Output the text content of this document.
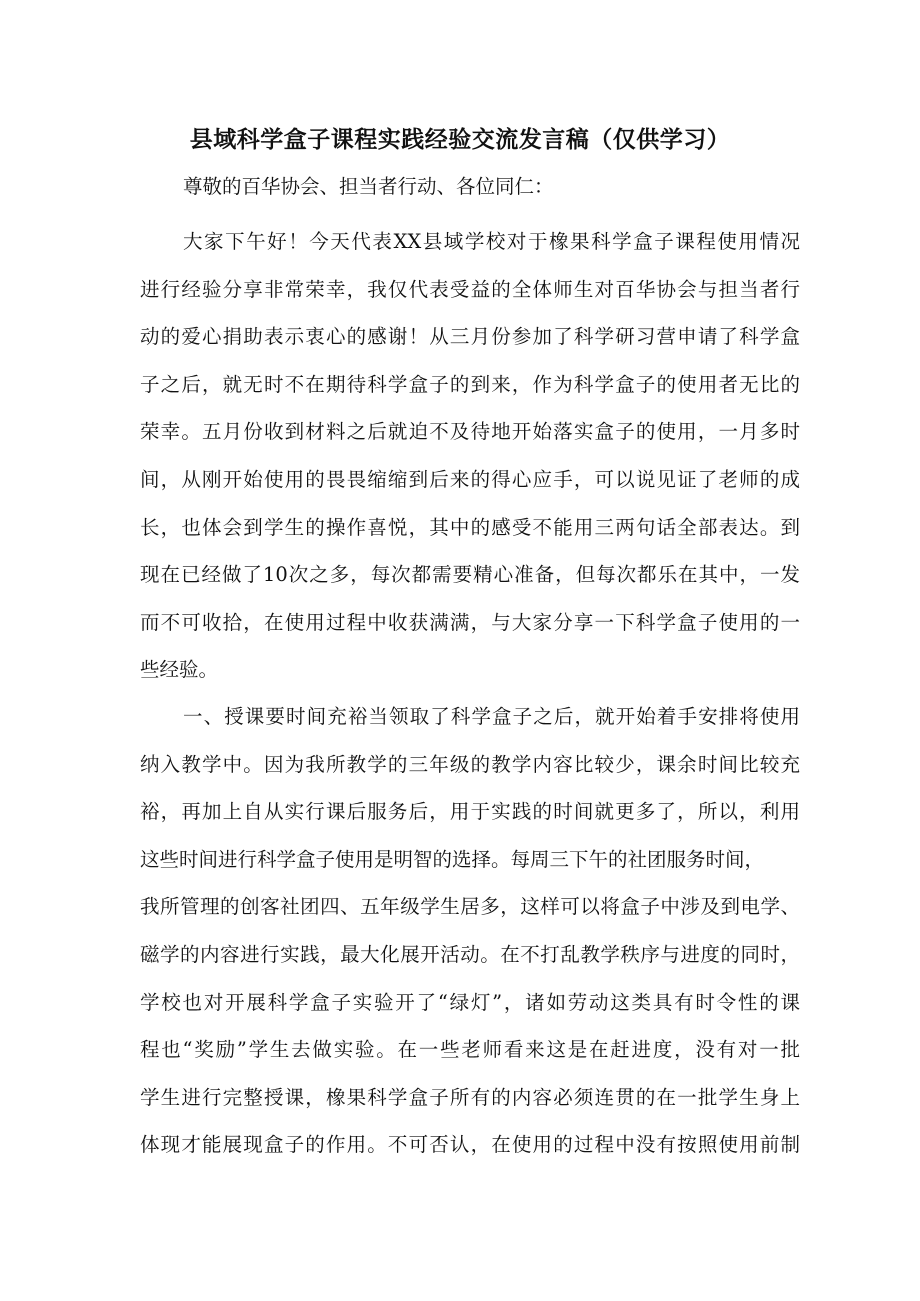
县域科学盒子课程实践经验交流发言稿（仅供学习）
尊敬的百华协会、担当者行动、各位同仁：
大家下午好！今天代表XX县域学校对于橡果科学盒子课程使用情况
进行经验分享非常荣幸，我仅代表受益的全体师生对百华协会与担当者行
动的爱心捐助表示衷心的感谢！从三月份参加了科学研习营申请了科学盒
子之后，就无时不在期待科学盒子的到来，作为科学盒子的使用者无比的
荣幸。五月份收到材料之后就迫不及待地开始落实盒子的使用，一月多时
间，从刚开始使用的畏畏缩缩到后来的得心应手，可以说见证了老师的成
长，也体会到学生的操作喜悦，其中的感受不能用三两句话全部表达。到
现在已经做了10次之多，每次都需要精心准备，但每次都乐在其中，一发
而不可收拾，在使用过程中收获满满，与大家分享一下科学盒子使用的一
些经验。
一、授课要时间充裕当领取了科学盒子之后，就开始着手安排将使用
纳入教学中。因为我所教学的三年级的教学内容比较少，课余时间比较充
裕，再加上自从实行课后服务后，用于实践的时间就更多了，所以，利用
这些时间进行科学盒子使用是明智的选择。每周三下午的社团服务时间，
我所管理的创客社团四、五年级学生居多，这样可以将盒子中涉及到电学、
磁学的内容进行实践，最大化展开活动。在不打乱教学秩序与进度的同时，
学校也对开展科学盒子实验开了“绿灯”，诸如劳动这类具有时令性的课
程也“奖励”学生去做实验。在一些老师看来这是在赶进度，没有对一批
学生进行完整授课，橡果科学盒子所有的内容必须连贯的在一批学生身上
体现才能展现盒子的作用。不可否认，在使用的过程中没有按照使用前制
